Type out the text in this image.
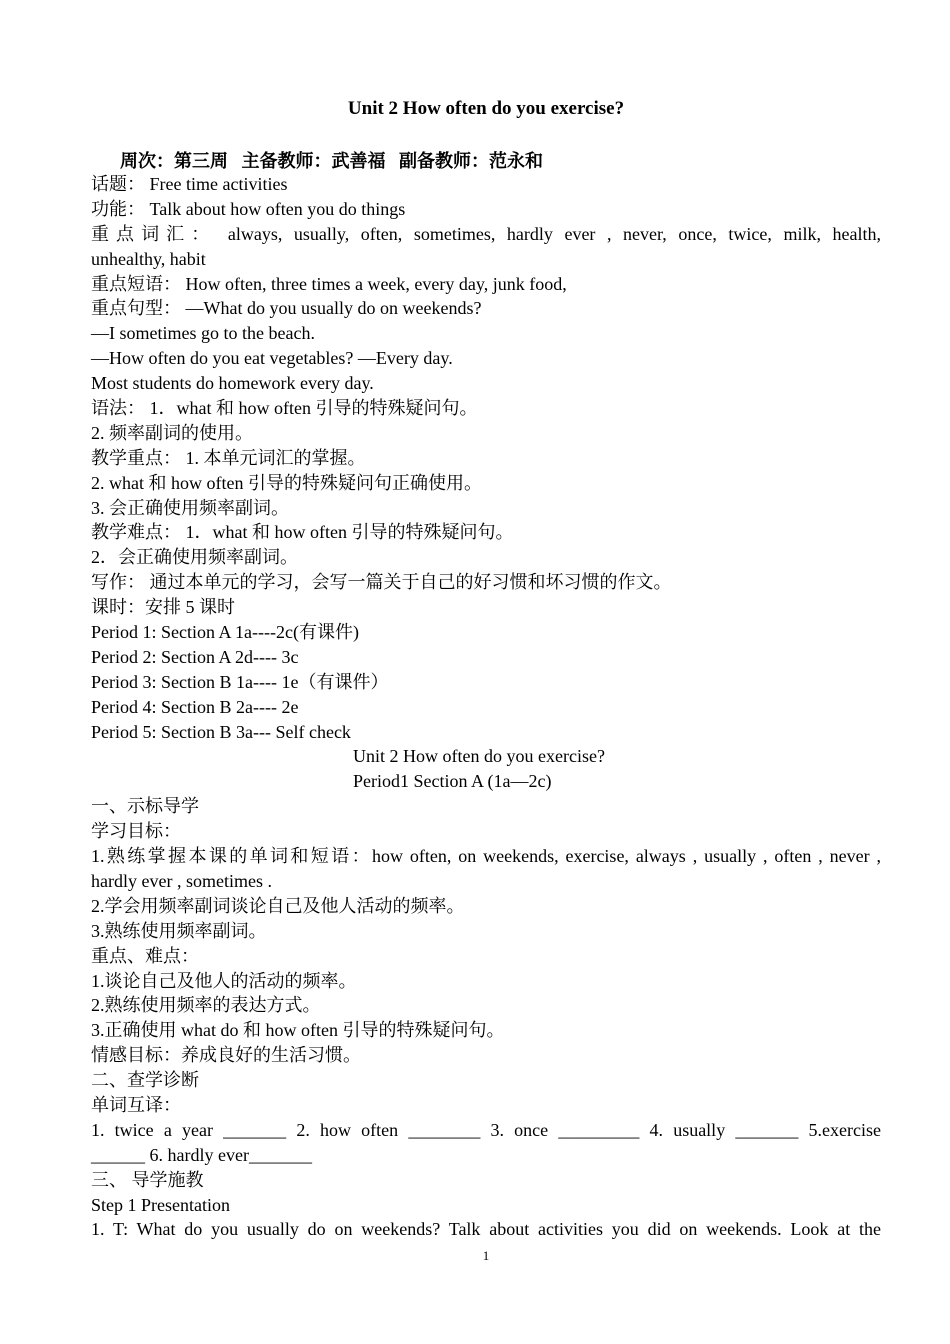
Unit 2 How often do you exercise?
周次：第三周   主备教师：武善福   副备教师：范永和
话题： Free time activities
功能： Talk about how often you do things
重点词汇： always, usually, often, sometimes, hardly ever , never, once, twice, milk, health,
unhealthy, habit
重点短语： How often, three times a week, every day, junk food,
重点句型： —What do you usually do on weekends?
—I sometimes go to the beach.
—How often do you eat vegetables? —Every day.
Most students do homework every day.
语法： 1．what 和 how often 引导的特殊疑问句。
2. 频率副词的使用。
教学重点： 1. 本单元词汇的掌握。
2. what 和 how often 引导的特殊疑问句正确使用。
3. 会正确使用频率副词。
教学难点： 1．what 和 how often 引导的特殊疑问句。
2．会正确使用频率副词。
写作： 通过本单元的学习，会写一篇关于自己的好习惯和坏习惯的作文。
课时：安排 5 课时
Period 1: Section A 1a----2c(有课件)
Period 2: Section A 2d---- 3c
Period 3: Section B 1a---- 1e（有课件）
Period 4: Section B 2a---- 2e
Period 5: Section B 3a--- Self check
Unit 2 How often do you exercise?
Period1 Section A (1a—2c)
一、示标导学
学习目标：
1.熟练掌握本课的单词和短语：how often, on weekends, exercise, always , usually , often , never ,
hardly ever , sometimes .
2.学会用频率副词谈论自己及他人活动的频率。
3.熟练使用频率副词。
重点、难点：
1.谈论自己及他人的活动的频率。
2.熟练使用频率的表达方式。
3.正确使用 what do 和 how often 引导的特殊疑问句。
情感目标：养成良好的生活习惯。
二、查学诊断
单词互译：
1. twice a year _______ 2. how often ________ 3. once _________ 4. usually _______ 5.exercise
______ 6. hardly ever_______
三、 导学施教
Step 1 Presentation
1. T: What do you usually do on weekends? Talk about activities you did on weekends. Look at the
1
